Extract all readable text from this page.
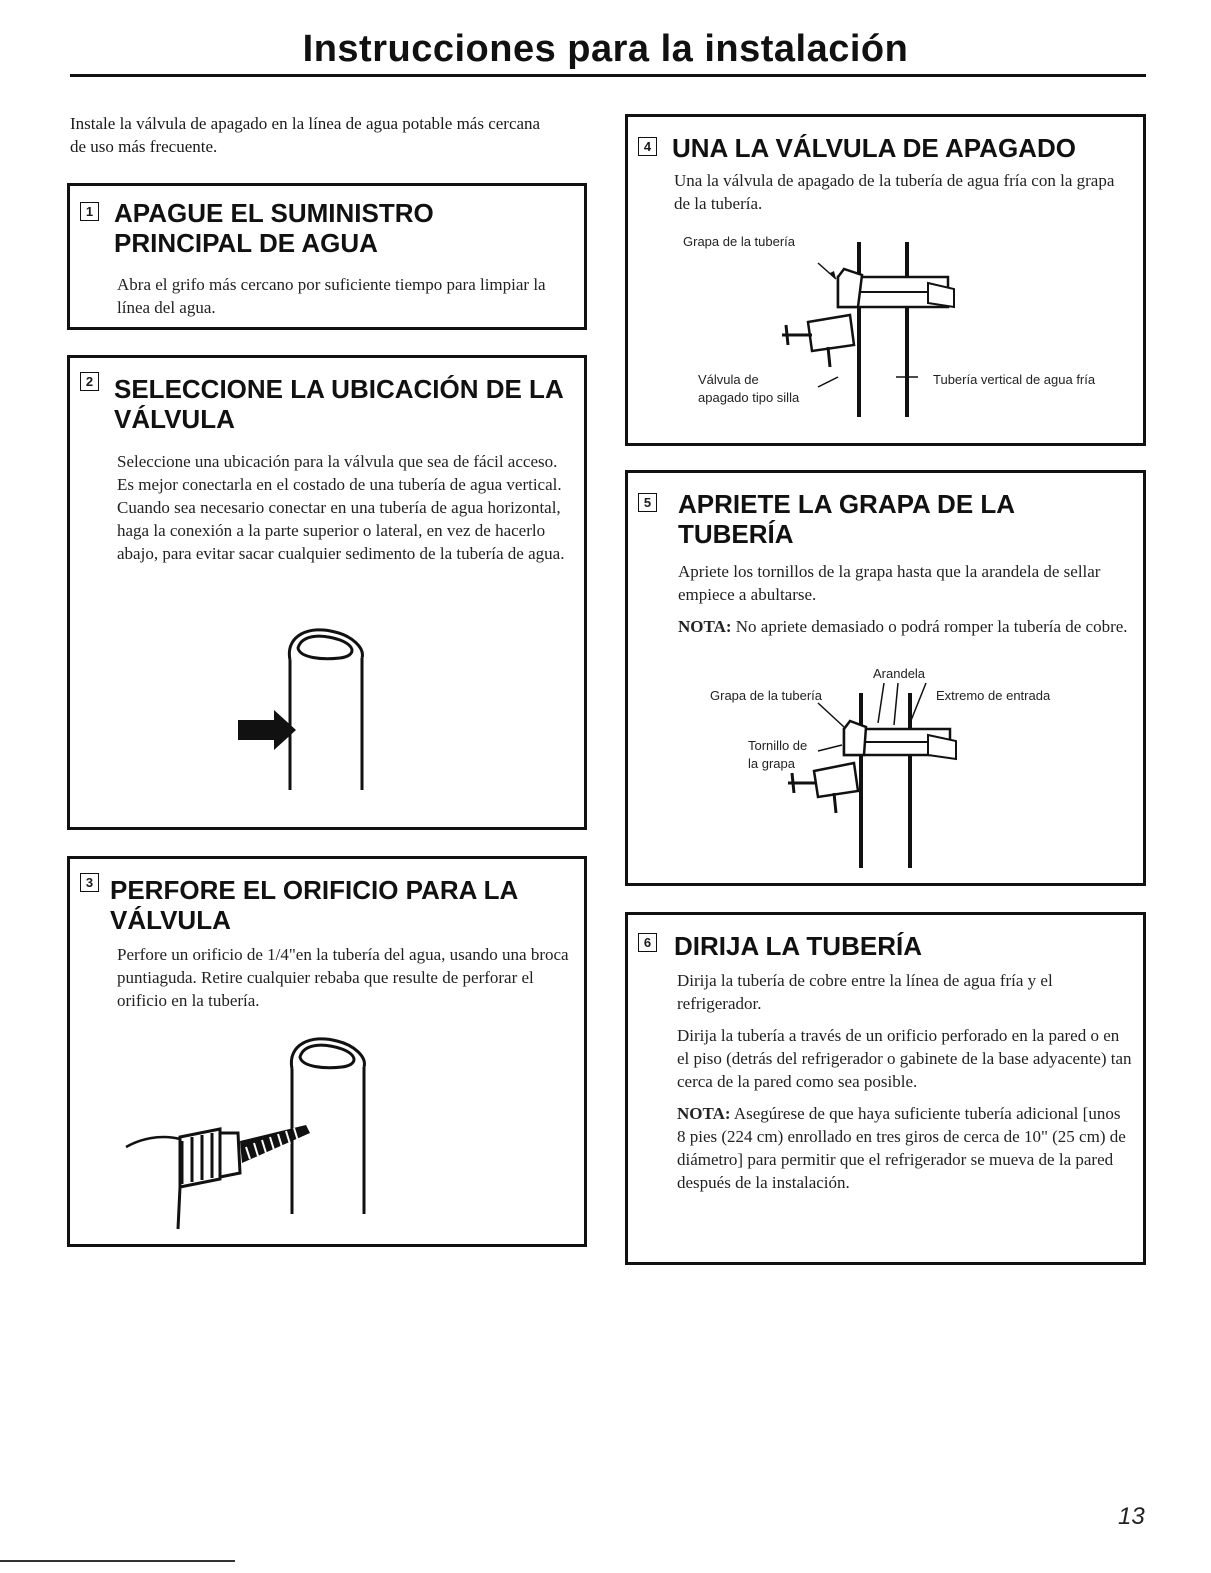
Instrucciones para la instalación
Instale la válvula de apagado en la línea de agua potable más cercana de uso más frecuente.
1 APAGUE EL SUMINISTRO PRINCIPAL DE AGUA
Abra el grifo más cercano por suficiente tiempo para limpiar la línea del agua.
2 SELECCIONE LA UBICACIÓN DE LA VÁLVULA
Seleccione una ubicación para la válvula que sea de fácil acceso. Es mejor conectarla en el costado de una tubería de agua vertical. Cuando sea necesario conectar en una tubería de agua horizontal, haga la conexión a la parte superior o lateral, en vez de hacerlo abajo, para evitar sacar cualquier sedimento de la tubería de agua.
3 PERFORE EL ORIFICIO PARA LA VÁLVULA
Perfore un orificio de 1/4"en la tubería del agua, usando una broca puntiaguda. Retire cualquier rebaba que resulte de perforar el orificio en la tubería.
4 UNA LA VÁLVULA DE APAGADO
Una la válvula de apagado de la tubería de agua fría con la grapa de la tubería.
Grapa de la tubería
Válvula de
apagado tipo silla
Tubería vertical de agua fría
5 APRIETE LA GRAPA DE LA TUBERÍA

Apriete los tornillos de la grapa hasta que la arandela de sellar empiece a abultarse.

NOTA: No apriete demasiado o podrá romper la tubería de cobre.

Arandela
Grapa de la tubería	Extremo de entrada
Tornillo de
la grapa
6 DIRIJA LA TUBERÍA

Dirija la tubería de cobre entre la línea de agua fría y el refrigerador.

Dirija la tubería a través de un orificio perforado en la pared o en el piso (detrás del refrigerador o gabinete de la base adyacente) tan cerca de la pared como sea posible.

NOTA: Asegúrese de que haya suficiente tubería adicional [unos 8 pies (224 cm) enrollado en tres giros de cerca de 10" (25 cm) de diámetro] para permitir que el refrigerador se mueva de la pared después de la instalación.

13
